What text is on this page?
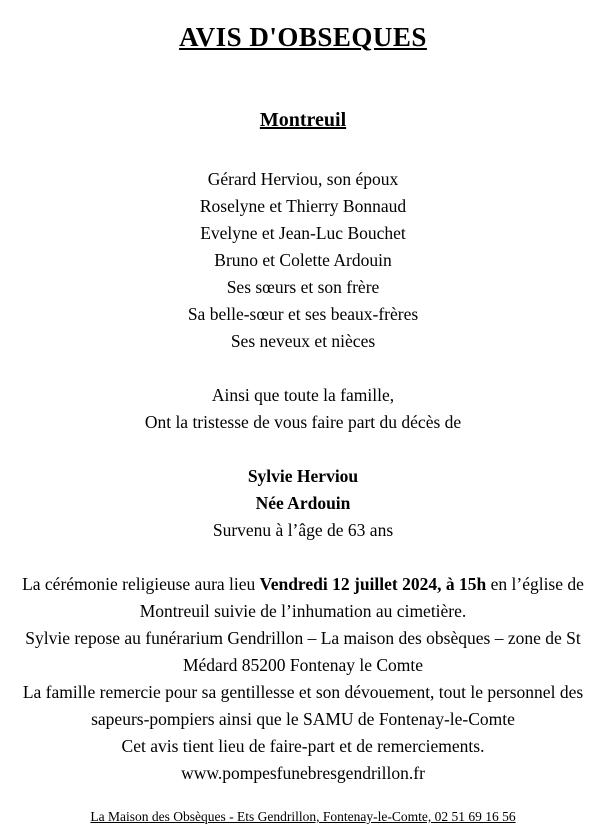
AVIS D'OBSEQUES
Montreuil
Gérard Herviou, son époux
Roselyne et Thierry Bonnaud
Evelyne et Jean-Luc Bouchet
Bruno et Colette Ardouin
Ses sœurs et son frère
Sa belle-sœur et ses beaux-frères
Ses neveux et nièces
Ainsi que toute la famille,
Ont la tristesse de vous faire part du décès de
Sylvie Herviou
Née Ardouin
Survenu à l’âge de 63 ans

La cérémonie religieuse aura lieu Vendredi 12 juillet 2024, à 15h en l’église de Montreuil suivie de l’inhumation au cimetière.

Sylvie repose au funérarium Gendrillon – La maison des obsèques – zone de St Médard 85200 Fontenay le Comte

La famille remercie pour sa gentillesse et son dévouement, tout le personnel des sapeurs-pompiers ainsi que le SAMU de Fontenay-le-Comte

Cet avis tient lieu de faire-part et de remerciements.

www.pompesfunebresgendrillon.fr

La Maison des Obsèques - Ets Gendrillon, Fontenay-le-Comte, 02 51 69 16 56
